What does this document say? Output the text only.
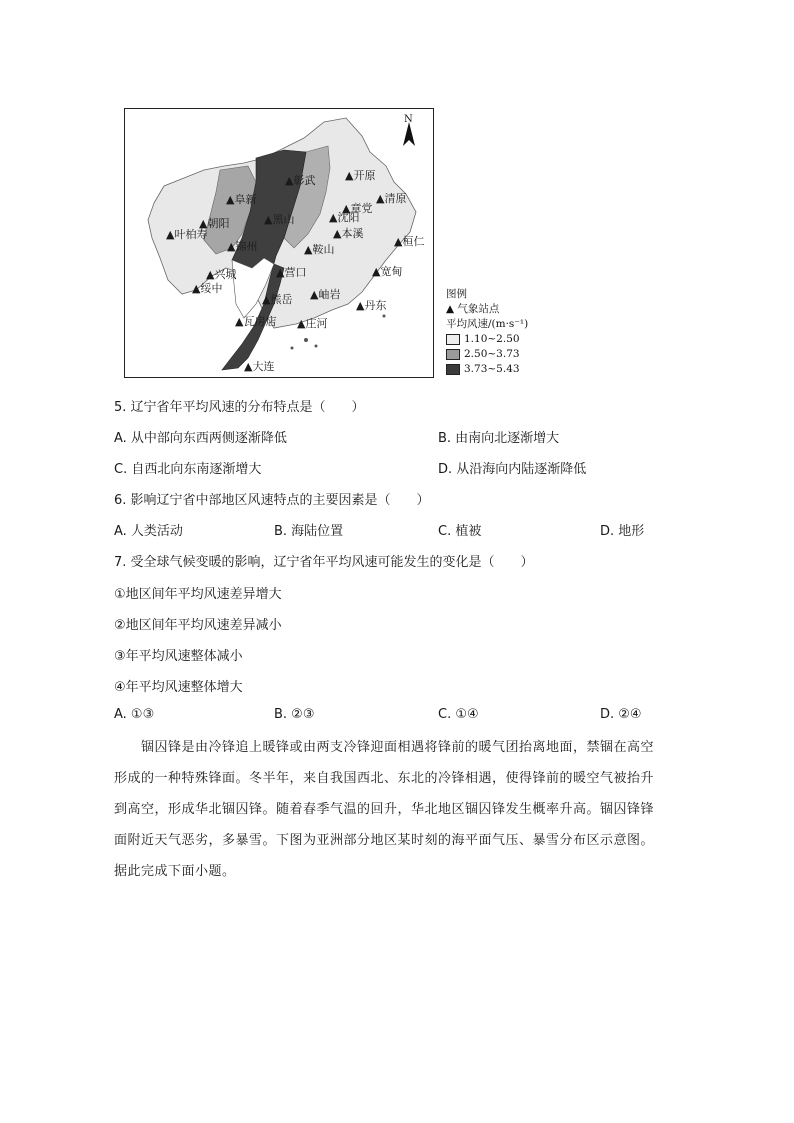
N
▲彰武	▲开原
▲阜新	▲清原
▲章党
▲朝阳	▲黑山	▲沈阳
▲叶柏寿	▲本溪
▲桓仁
▲锦州	▲鞍山
▲兴城	▲营口	▲宽甸
▲绥中	▲岫岩
▲熊岳	▲丹东
▲瓦房店 ▲庄河
▲大连
图例
▲ 气象站点
平均风速/(m·s⁻¹)
1.10~2.50
2.50~3.73
3.73~5.43
5. 辽宁省年平均风速的分布特点是（　　）
A. 从中部向东西两侧逐渐降低	B. 由南向北逐渐增大
C. 自西北向东南逐渐增大	D. 从沿海向内陆逐渐降低
6. 影响辽宁省中部地区风速特点的主要因素是（　　）
A. 人类活动	B. 海陆位置	C. 植被	D. 地形
7. 受全球气候变暖的影响，辽宁省年平均风速可能发生的变化是（　　）
①地区间年平均风速差异增大
②地区间年平均风速差异减小
③年平均风速整体减小
④年平均风速整体增大
A. ①③	B. ②③	C. ①④	D. ②④
　　锢囚锋是由冷锋追上暖锋或由两支冷锋迎面相遇将锋前的暖气团抬离地面，禁锢在高空
形成的一种特殊锋面。冬半年，来自我国西北、东北的冷锋相遇，使得锋前的暖空气被抬升
到高空，形成华北锢囚锋。随着春季气温的回升，华北地区锢囚锋发生概率升高。锢囚锋锋
面附近天气恶劣，多暴雪。下图为亚洲部分地区某时刻的海平面气压、暴雪分布区示意图。
据此完成下面小题。
